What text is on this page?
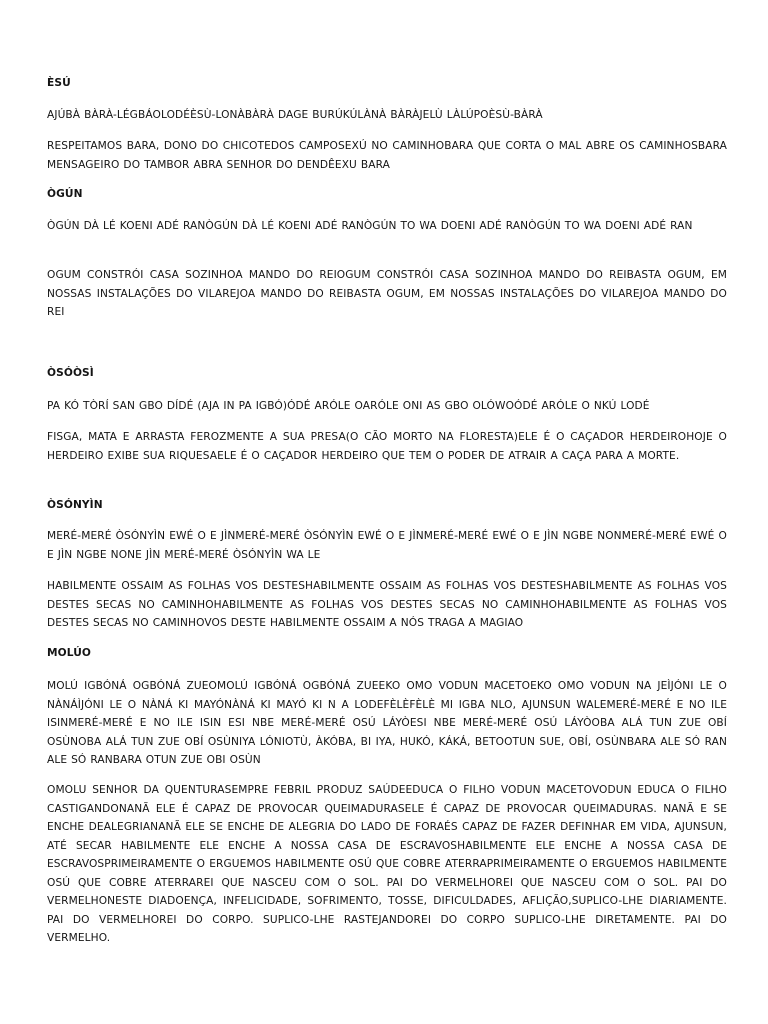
ÈSÚ

AJÚBÀ BÀRÀ-LÉGBÁOLODÉÈSÙ-LONÀBÀRÀ DAGE BURÚKÚLÀNÀ BÀRÀJELÙ LÀLÚPOÈSÙ-BÀRÀ

RESPEITAMOS BARA, DONO DO CHICOTEDOS CAMPOSEXÚ NO CAMINHOBARA QUE CORTA O MAL ABRE OS CAMINHOSBARA MENSAGEIRO DO TAMBOR ABRA SENHOR DO DENDÊEXU BARA

ÒGÚN

ÒGÚN DÀ LÉ KOENI ADÉ RANÒGÚN DÀ LÉ KOENI ADÉ RANÒGÚN TO WA DOENI ADÉ RANÒGÚN TO WA DOENI ADÉ RAN

OGUM CONSTRÓI CASA SOZINHOA MANDO DO REIOGUM CONSTRÓI CASA SOZINHOA MANDO DO REIBASTA OGUM, EM NOSSAS INSTALAÇÕES DO VILAREJOA MANDO DO REIBASTA OGUM, EM NOSSAS INSTALAÇÕES DO VILAREJOA MANDO DO REI

ÒSÓÒSÌ

PA KÓ TÒRÍ SAN GBO DÍDÉ (AJA IN PA IGBÓ)ÓDÉ ARÓLE OARÓLE ONI AS GBO OLÓWOÓDÉ ARÓLE O NKÚ LODÉ

FISGA, MATA E ARRASTA FEROZMENTE A SUA PRESA(O CÃO MORTO NA FLORESTA)ELE É O CAÇADOR HERDEIROHOJE O HERDEIRO EXIBE SUA RIQUESAELE É O CAÇADOR HERDEIRO QUE TEM O PODER DE ATRAIR A CAÇA PARA A MORTE.

ÒSÓNYÌN

MERÉ-MERÉ ÒSÓNYÌN EWÉ O E JÌNMERÉ-MERÉ ÒSÓNYÌN EWÉ O E JÌNMERÉ-MERÉ EWÉ O E JÌN NGBE NONMERÉ-MERÉ EWÉ O E JÌN NGBE NONE JÌN MERÉ-MERÉ ÒSÓNYÌN WA LE

HABILMENTE OSSAIM AS FOLHAS VOS DESTESHABILMENTE OSSAIM AS FOLHAS VOS DESTESHABILMENTE AS FOLHAS VOS DESTES SECAS NO CAMINHOHABILMENTE AS FOLHAS VOS DESTES SECAS NO CAMINHOHABILMENTE AS FOLHAS VOS DESTES SECAS NO CAMINHOVOS DESTE HABILMENTE OSSAIM A NÓS TRAGA A MAGIAO

MOLÚO

MOLÚ IGBÓNÁ OGBÓNÁ ZUEOMOLÚ IGBÓNÁ OGBÓNÁ ZUEEKO OMO VODUN MACETOEKO OMO VODUN NA JEÌJÓNI LE O NÀNÁÌJÓNI LE O NÀNÁ KI MAYÓNÀNÁ KI MAYÓ KI N A LODEFÈLÈFÈLÈ MI IGBA NLO, AJUNSUN WALEMERÉ-MERÉ E NO ILE ISINMERÉ-MERÉ E NO ILE ISIN ESI NBE MERÉ-MERÉ OSÚ LÁYÒESI NBE MERÉ-MERÉ OSÚ LÁYÒOBA ALÁ TUN ZUE OBÍ OSÙNOBA ALÁ TUN ZUE OBÍ OSÙNIYA LÓNIOTÙ, ÀKÓBA, BI IYA, HUKÓ, KÁKÁ, BETOOTUN SUE, OBÍ, OSÙNBARA ALE SÓ RAN ALE SÓ RANBARA OTUN ZUE OBI OSÙN

OMOLU SENHOR DA QUENTURASEMPRE FEBRIL PRODUZ SAÚDEEDUCA O FILHO VODUN MACETOVODUN EDUCA O FILHO CASTIGANDONANÃ ELE É CAPAZ DE PROVOCAR QUEIMADURASELE É CAPAZ DE PROVOCAR QUEIMADURAS. NANÃ E SE ENCHE DEALEGRIANANÃ ELE SE ENCHE DE ALEGRIA DO LADO DE FORAÉS CAPAZ DE FAZER DEFINHAR EM VIDA, AJUNSUN, ATÉ SECAR HABILMENTE ELE ENCHE A NOSSA CASA DE ESCRAVOSHABILMENTE ELE ENCHE A NOSSA CASA DE ESCRAVOSPRIMEIRAMENTE O ERGUEMOS HABILMENTE OSÚ QUE COBRE ATERRAPRIMEIRAMENTE O ERGUEMOS HABILMENTE OSÚ QUE COBRE ATERRAREI QUE NASCEU COM O SOL. PAI DO VERMELHOREI QUE NASCEU COM O SOL. PAI DO VERMELHONESTE DIADOENÇA, INFELICIDADE, SOFRIMENTO, TOSSE, DIFICULDADES, AFLIÇÃO,SUPLICO-LHE DIARIAMENTE. PAI DO VERMELHOREI DO CORPO. SUPLICO-LHE RASTEJANDOREI DO CORPO SUPLICO-LHE DIRETAMENTE. PAI DO VERMELHO.
